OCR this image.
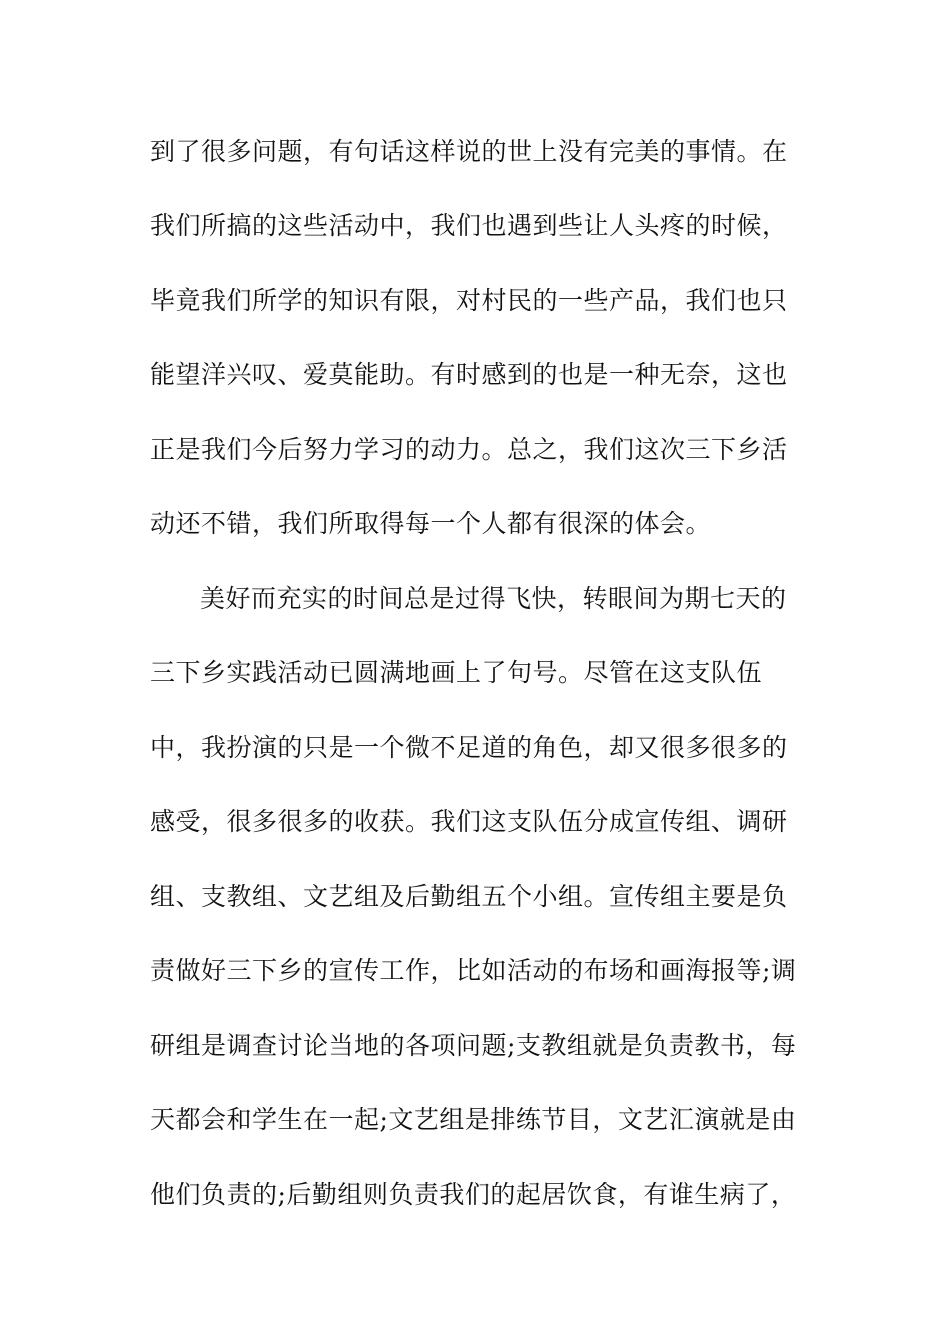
到了很多问题，有句话这样说的世上没有完美的事情。在
我们所搞的这些活动中，我们也遇到些让人头疼的时候，
毕竟我们所学的知识有限，对村民的一些产品，我们也只
能望洋兴叹、爱莫能助。有时感到的也是一种无奈，这也
正是我们今后努力学习的动力。总之，我们这次三下乡活
动还不错，我们所取得每一个人都有很深的体会。
美好而充实的时间总是过得飞快，转眼间为期七天的
三下乡实践活动已圆满地画上了句号。尽管在这支队伍
中，我扮演的只是一个微不足道的角色，却又很多很多的
感受，很多很多的收获。我们这支队伍分成宣传组、调研
组、支教组、文艺组及后勤组五个小组。宣传组主要是负
责做好三下乡的宣传工作，比如活动的布场和画海报等;调
研组是调查讨论当地的各项问题;支教组就是负责教书，每
天都会和学生在一起;文艺组是排练节目，文艺汇演就是由
他们负责的;后勤组则负责我们的起居饮食，有谁生病了，
